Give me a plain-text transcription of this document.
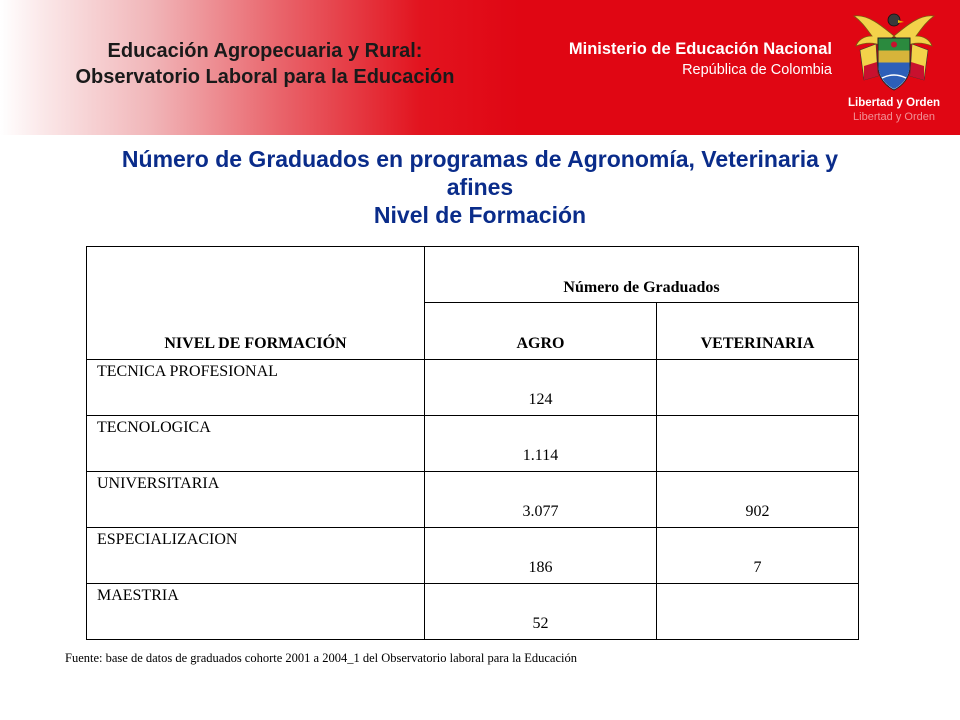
Educación Agropecuaria y Rural:
Observatorio Laboral para la Educación
Ministerio de Educación Nacional
República de Colombia
Libertad y Orden
Libertad y Orden
Número de Graduados en programas de Agronomía, Veterinaria y
afines
Nivel de Formación
NIVEL DE FORMACIÓN	Número de Graduados	
	AGRO	VETERINARIA
TECNICA PROFESIONAL	124	
TECNOLOGICA	1.114	
UNIVERSITARIA	3.077	902
ESPECIALIZACION	186	7
MAESTRIA	52	
Fuente: base de datos de graduados cohorte 2001 a 2004_1 del Observatorio laboral para la Educación
